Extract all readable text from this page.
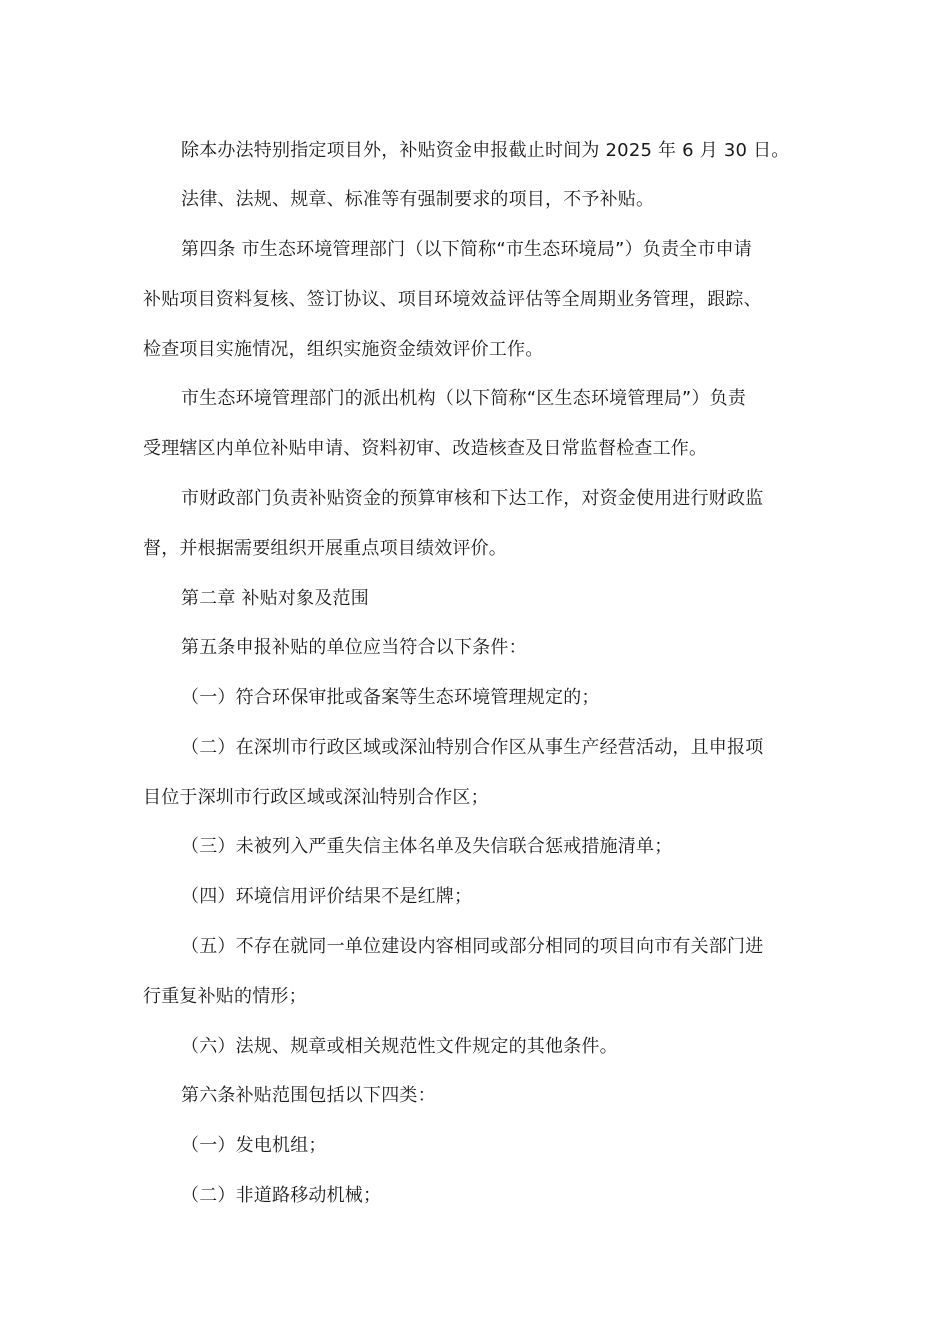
除本办法特别指定项目外，补贴资金申报截止时间为 2025 年 6 月 30 日。
法律、法规、规章、标准等有强制要求的项目，不予补贴。
第四条 市生态环境管理部门（以下简称“市生态环境局”）负责全市申请
补贴项目资料复核、签订协议、项目环境效益评估等全周期业务管理，跟踪、
检查项目实施情况，组织实施资金绩效评价工作。
市生态环境管理部门的派出机构（以下简称“区生态环境管理局”）负责
受理辖区内单位补贴申请、资料初审、改造核查及日常监督检查工作。
市财政部门负责补贴资金的预算审核和下达工作，对资金使用进行财政监
督，并根据需要组织开展重点项目绩效评价。
第二章 补贴对象及范围
第五条申报补贴的单位应当符合以下条件：
（一）符合环保审批或备案等生态环境管理规定的；
（二）在深圳市行政区域或深汕特别合作区从事生产经营活动，且申报项
目位于深圳市行政区域或深汕特别合作区；
（三）未被列入严重失信主体名单及失信联合惩戒措施清单；
（四）环境信用评价结果不是红牌；
（五）不存在就同一单位建设内容相同或部分相同的项目向市有关部门进
行重复补贴的情形；
（六）法规、规章或相关规范性文件规定的其他条件。
第六条补贴范围包括以下四类：
（一）发电机组；
（二）非道路移动机械；
